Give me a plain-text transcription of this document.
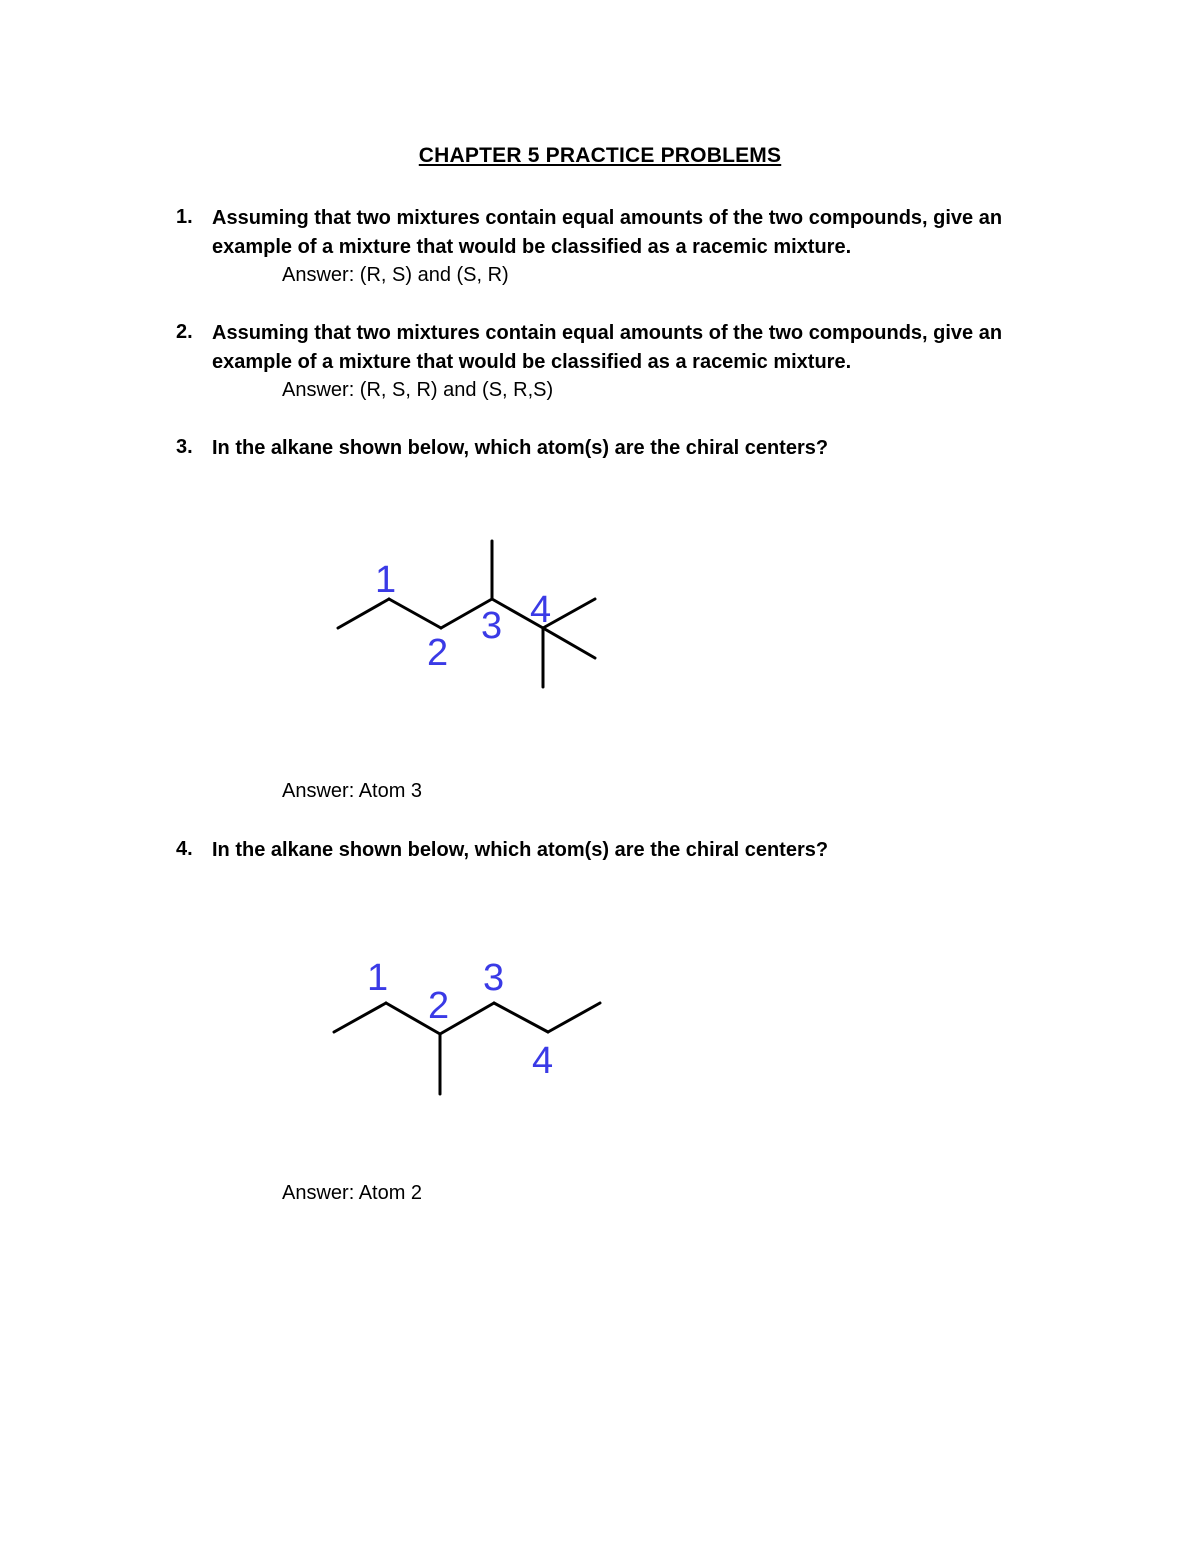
CHAPTER 5 PRACTICE PROBLEMS
1. Assuming that two mixtures contain equal amounts of the two compounds, give an example of a mixture that would be classified as a racemic mixture.
Answer: (R, S) and (S, R)
2. Assuming that two mixtures contain equal amounts of the two compounds, give an example of a mixture that would be classified as a racemic mixture.
Answer: (R, S, R) and (S, R,S)
3. In the alkane shown below, which atom(s) are the chiral centers?
1
2
3 4
Answer: Atom 3
4. In the alkane shown below, which atom(s) are the chiral centers?
1
2
3
4
Answer: Atom 2
